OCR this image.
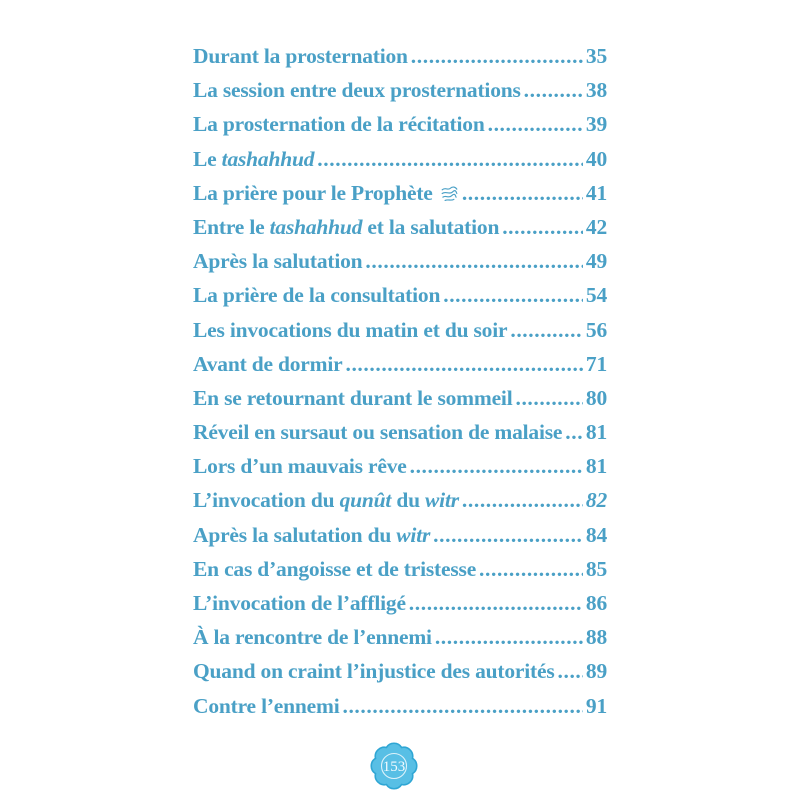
Durant la prosternation .....	35
La session entre deux prosternations .....	38
La prosternation de la récitation .....	39
Le tashahhud .....	40
La prière pour le Prophète .....	41
Entre le tashahhud et la salutation .....	42
Après la salutation .....	49
La prière de la consultation .....	54
Les invocations du matin et du soir .....	56
Avant de dormir .....	71
En se retournant durant le sommeil .....	80
Réveil en sursaut ou sensation de malaise ..... 81
Lors d’un mauvais rêve .....	81
L’invocation du qunût du witr .....	82
Après la salutation du witr .....	84
En cas d’angoisse et de tristesse .....	85
L’invocation de l’affligé .....	86
À la rencontre de l’ennemi .....	88
Quand on craint l’injustice des autorités ..... 89
Contre l’ennemi .....	91
153
